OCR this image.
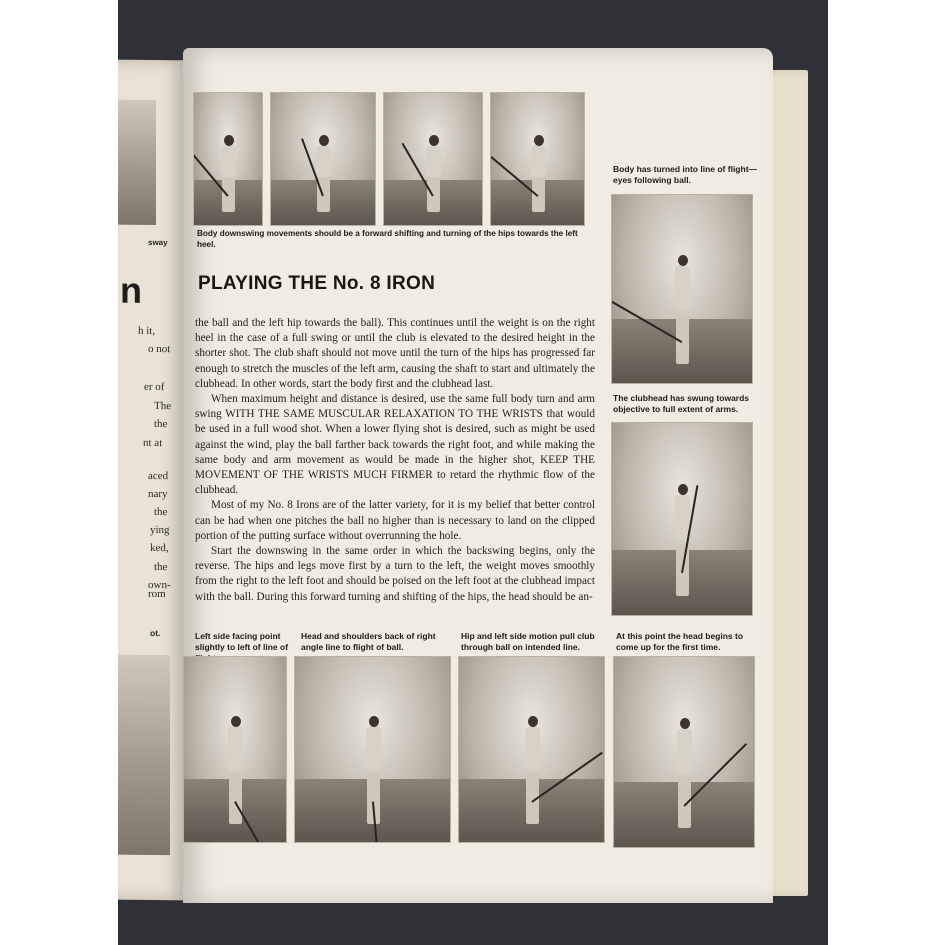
sway
n
h it,
o not
er of
The
the
nt at
aced
nary
the
ying
ked,
the
own-
rom
ot.
Body downswing movements should be a forward shifting and turning of the hips towards the left heel.
PLAYING THE No. 8 IRON

the ball and the left hip towards the ball). This continues until the weight is on the right heel in the case of a full swing or until the club is elevated to the desired height in the shorter shot. The club shaft should not move until the turn of the hips has progressed far enough to stretch the muscles of the left arm, causing the shaft to start and ultimately the clubhead. In other words, start the body first and the clubhead last.

When maximum height and distance is desired, use the same full body turn and arm swing WITH THE SAME MUSCULAR RELAXATION TO THE WRISTS that would be used in a full wood shot. When a lower flying shot is desired, such as might be used against the wind, play the ball farther back towards the right foot, and while making the same body and arm movement as would be made in the higher shot, KEEP THE MOVEMENT OF THE WRISTS MUCH FIRMER to retard the rhythmic flow of the clubhead.

Most of my No. 8 Irons are of the latter variety, for it is my belief that better control can be had when one pitches the ball no higher than is necessary to land on the clipped portion of the putting surface without overrunning the hole.

Start the downswing in the same order in which the backswing begins, only the reverse. The hips and legs move first by a turn to the left, the weight moves smoothly from the right to the left foot and should be poised on the left foot at the clubhead impact with the ball. During this forward turning and shifting of the hips, the head should be an-

Body has turned into line of flight—eyes following ball.
The clubhead has swung towards objective to full extent of arms.
Left side facing point slightly to left of line of
Head and shoulders back of right angle line to flight of ball.
Hip and left side motion pull club through ball on intended line.
At this point the head begins to come up for the first time.
